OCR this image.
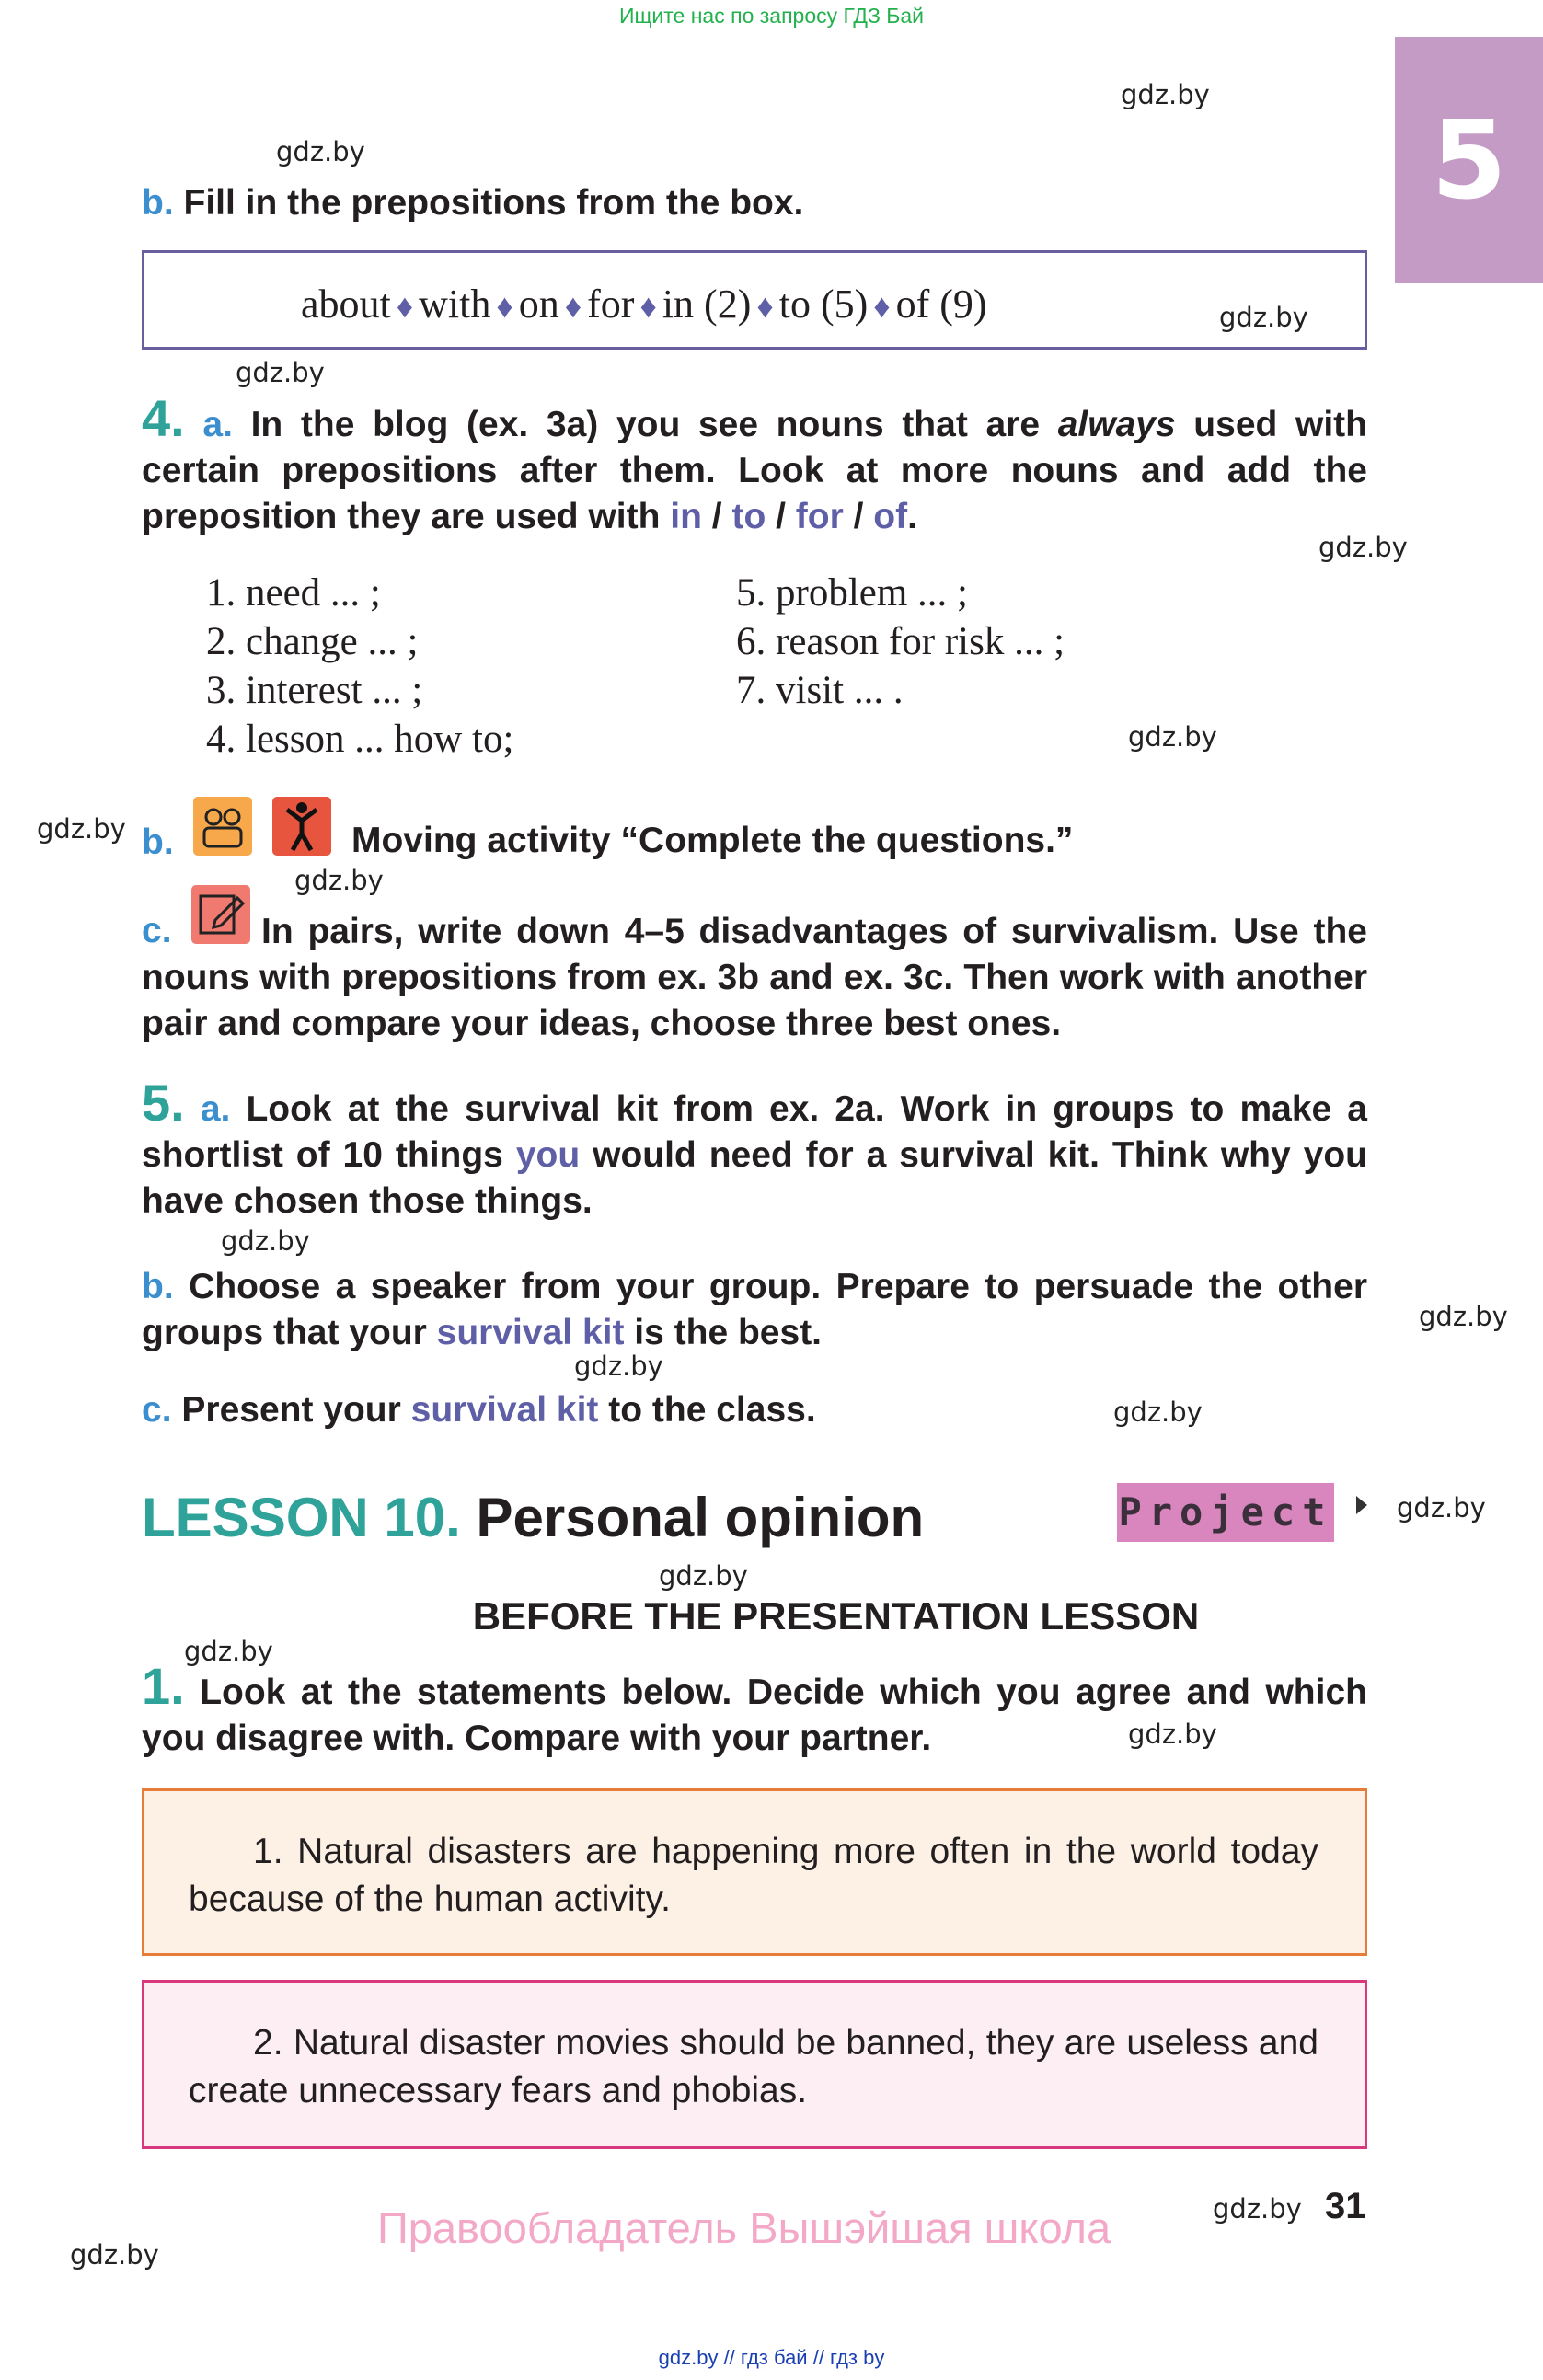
Ищите нас по запросу ГДЗ Бай
5
gdz.by
gdz.by
gdz.by
gdz.by
gdz.by
gdz.by
gdz.by
gdz.by
gdz.by
gdz.by
gdz.by
gdz.by
gdz.by
gdz.by
gdz.by
gdz.by
gdz.by
gdz.by
b. Fill in the prepositions from the box.
about ♦ with ♦ on ♦ for ♦ in (2) ♦ to (5) ♦ of (9)
4. a. In the blog (ex. 3a) you see nouns that are always used with certain prepositions after them. Look at more nouns and add the preposition they are used with in / to / for / of.
1. need ... ;
2. change ... ;
3. interest ... ;
4. lesson ... how to;
5. problem ... ;
6. reason for risk ... ;
7. visit ... .
b.	Moving activity “Complete the questions.”
In pairs, write down 4–5 disadvantages of survivalism. Use the nouns with prepositions from ex. 3b and ex. 3c. Then work with another pair and compare your ideas, choose three best ones.
c.
5. a. Look at the survival kit from ex. 2a. Work in groups to make a shortlist of 10 things you would need for a survival kit. Think why you have chosen those things.
b. Choose a speaker from your group. Prepare to persuade the other groups that your survival kit is the best.
c. Present your survival kit to the class.
LESSON 10. Personal opinion	Project
BEFORE THE PRESENTATION LESSON
1. Look at the statements below. Decide which you agree and which you disagree with. Compare with your partner.
1. Natural disasters are happening more often in the world today because of the human activity.
2. Natural disaster movies should be banned, they are useless and create unnecessary fears and phobias.
Правообладатель Вышэйшая школа	31
gdz.by // гдз бай // гдз by
